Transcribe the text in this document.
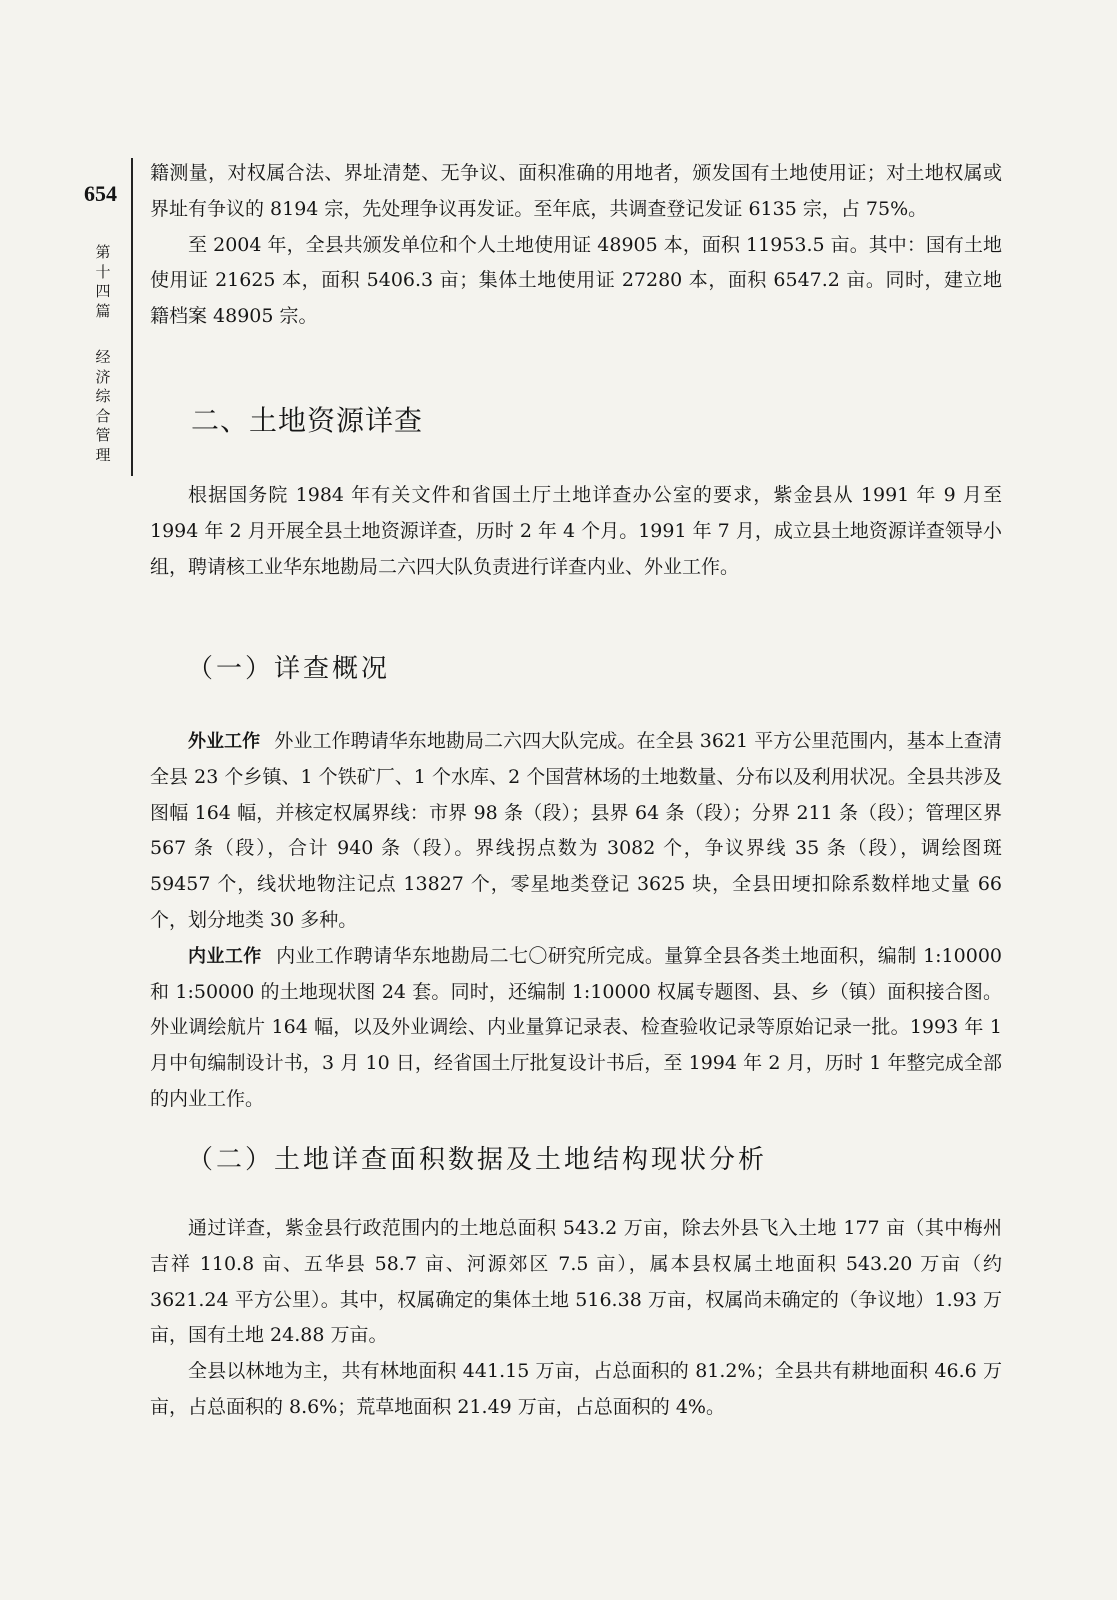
654
第
十
四
篇
经
济
综
合
管
理

籍测量，对权属合法、界址清楚、无争议、面积准确的用地者，颁发国有土地使用证；对土地权属或界址有争议的 8194 宗，先处理争议再发证。至年底，共调查登记发证 6135 宗，占 75%。

至 2004 年，全县共颁发单位和个人土地使用证 48905 本，面积 11953.5 亩。其中：国有土地使用证 21625 本，面积 5406.3 亩；集体土地使用证 27280 本，面积 6547.2 亩。同时，建立地籍档案 48905 宗。

二、土地资源详查

根据国务院 1984 年有关文件和省国土厅土地详查办公室的要求，紫金县从 1991 年 9 月至 1994 年 2 月开展全县土地资源详查，历时 2 年 4 个月。1991 年 7 月，成立县土地资源详查领导小组，聘请核工业华东地勘局二六四大队负责进行详查内业、外业工作。

（一）详查概况

外业工作 外业工作聘请华东地勘局二六四大队完成。在全县 3621 平方公里范围内，基本上查清全县 23 个乡镇、1 个铁矿厂、1 个水库、2 个国营林场的土地数量、分布以及利用状况。全县共涉及图幅 164 幅，并核定权属界线：市界 98 条（段）；县界 64 条（段）；分界 211 条（段）；管理区界 567 条（段），合计 940 条（段）。界线拐点数为 3082 个，争议界线 35 条（段），调绘图斑 59457 个，线状地物注记点 13827 个，零星地类登记 3625 块，全县田埂扣除系数样地丈量 66 个，划分地类 30 多种。

内业工作 内业工作聘请华东地勘局二七〇研究所完成。量算全县各类土地面积，编制 1:10000 和 1:50000 的土地现状图 24 套。同时，还编制 1:10000 权属专题图、县、乡（镇）面积接合图。外业调绘航片 164 幅，以及外业调绘、内业量算记录表、检查验收记录等原始记录一批。1993 年 1 月中旬编制设计书，3 月 10 日，经省国土厅批复设计书后，至 1994 年 2 月，历时 1 年整完成全部的内业工作。

（二）土地详查面积数据及土地结构现状分析

通过详查，紫金县行政范围内的土地总面积 543.2 万亩，除去外县飞入土地 177 亩（其中梅州吉祥 110.8 亩、五华县 58.7 亩、河源郊区 7.5 亩），属本县权属土地面积 543.20 万亩（约 3621.24 平方公里）。其中，权属确定的集体土地 516.38 万亩，权属尚未确定的（争议地）1.93 万亩，国有土地 24.88 万亩。

全县以林地为主，共有林地面积 441.15 万亩，占总面积的 81.2%；全县共有耕地面积 46.6 万亩，占总面积的 8.6%；荒草地面积 21.49 万亩，占总面积的 4%。
